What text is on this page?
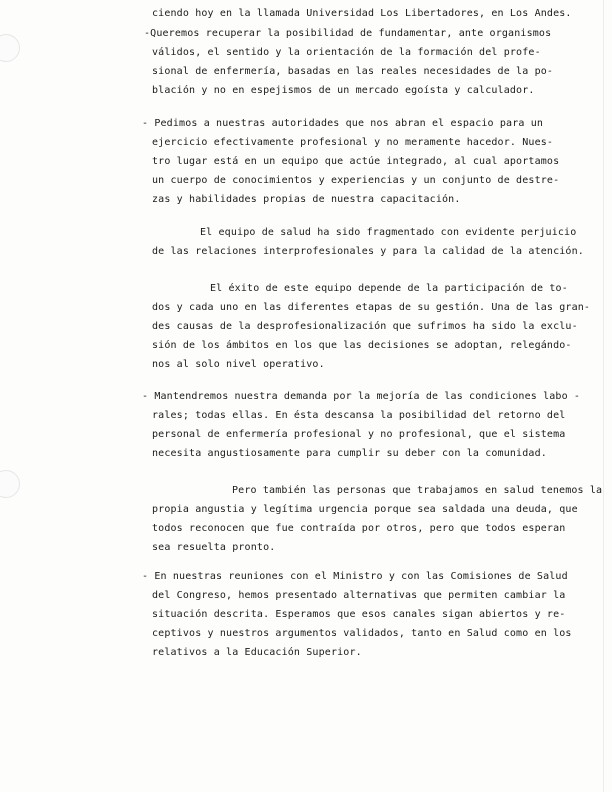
ciendo hoy en la llamada Universidad Los Libertadores, en Los Andes.
-Queremos recuperar la posibilidad de fundamentar, ante organismos
válidos, el sentido y la orientación de la formación del profe-
sional de enfermería, basadas en las reales necesidades de la po-
blación y no en espejismos de un mercado egoísta y calculador.
- Pedimos a nuestras autoridades que nos abran el espacio para un
ejercicio efectivamente profesional y no meramente hacedor. Nues-
tro lugar está en un equipo que actúe integrado, al cual aportamos
un cuerpo de conocimientos y experiencias y un conjunto de destre-
zas y habilidades propias de nuestra capacitación.
El equipo de salud ha sido fragmentado con evidente perjuicio
de las relaciones interprofesionales y para la calidad de la atención.
El éxito de este equipo depende de la participación de to-
dos y cada uno en las diferentes etapas de su gestión. Una de las gran-
des causas de la desprofesionalización que sufrimos ha sido la exclu-
sión de los ámbitos en los que las decisiones se adoptan, relegándo-
nos al solo nivel operativo.
- Mantendremos nuestra demanda por la mejoría de las condiciones labo -
rales; todas ellas. En ésta descansa la posibilidad del retorno del
personal de enfermería profesional y no profesional, que el sistema
necesita angustiosamente para cumplir su deber con la comunidad.
Pero también las personas que trabajamos en salud tenemos la
propia angustia y legítima urgencia porque sea saldada una deuda, que
todos reconocen que fue contraída por otros, pero que todos esperan
sea resuelta pronto.
- En nuestras reuniones con el Ministro y con las Comisiones de Salud
del Congreso, hemos presentado alternativas que permiten cambiar la
situación descrita. Esperamos que esos canales sigan abiertos y re-
ceptivos y nuestros argumentos validados, tanto en Salud como en los
relativos a la Educación Superior.
